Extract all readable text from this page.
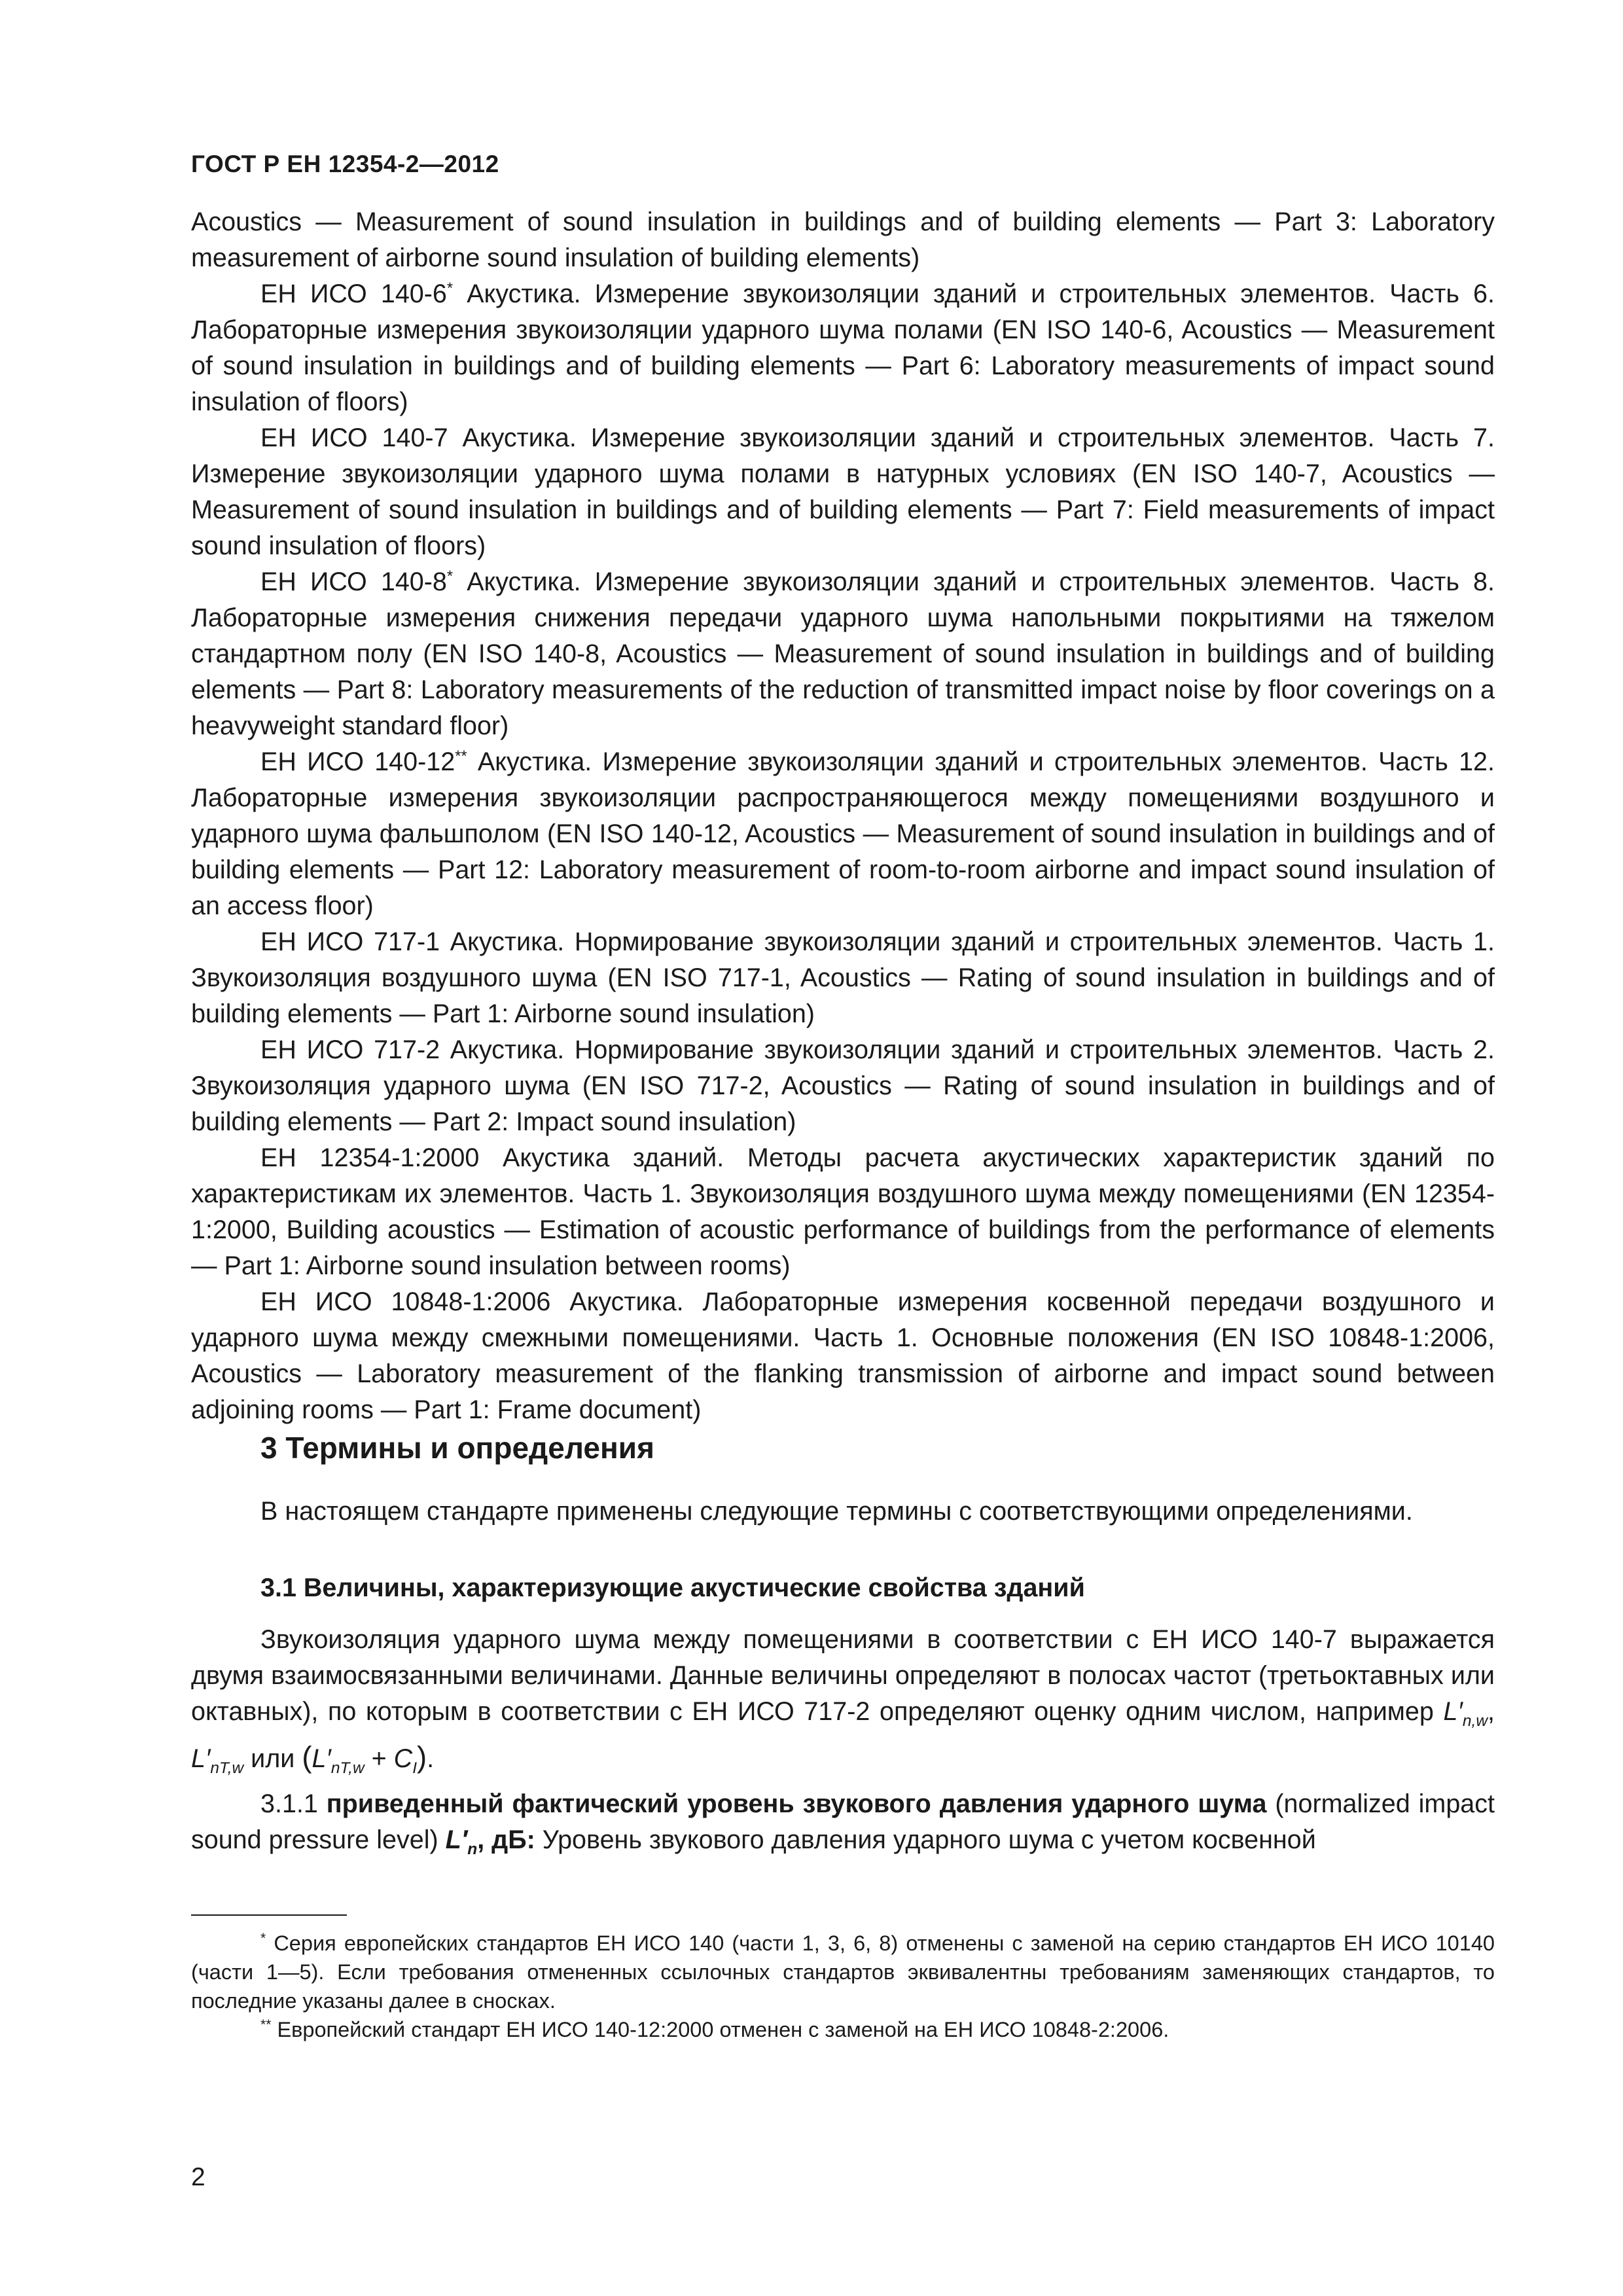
ГОСТ Р ЕН 12354-2—2012

Acoustics — Measurement of sound insulation in buildings and of building elements — Part 3: Laboratory measurement of airborne sound insulation of building elements)

ЕН ИСО 140-6* Акустика. Измерение звукоизоляции зданий и строительных элементов. Часть 6. Лабораторные измерения звукоизоляции ударного шума полами (EN ISO 140-6, Acoustics — Measurement of sound insulation in buildings and of building elements — Part 6: Laboratory measurements of impact sound insulation of floors)

ЕН ИСО 140-7 Акустика. Измерение звукоизоляции зданий и строительных элементов. Часть 7. Измерение звукоизоляции ударного шума полами в натурных условиях (EN ISO 140-7, Acoustics — Measurement of sound insulation in buildings and of building elements — Part 7: Field measurements of impact sound insulation of floors)

ЕН ИСО 140-8* Акустика. Измерение звукоизоляции зданий и строительных элементов. Часть 8. Лабораторные измерения снижения передачи ударного шума напольными покрытиями на тяжелом стандартном полу (EN ISO 140-8, Acoustics — Measurement of sound insulation in buildings and of building elements — Part 8: Laboratory measurements of the reduction of transmitted impact noise by floor coverings on a heavyweight standard floor)

ЕН ИСО 140-12** Акустика. Измерение звукоизоляции зданий и строительных элементов. Часть 12. Лабораторные измерения звукоизоляции распространяющегося между помещениями воздушного и ударного шума фальшполом (EN ISO 140-12, Acoustics — Measurement of sound insulation in buildings and of building elements — Part 12: Laboratory measurement of room-to-room airborne and impact sound insulation of an access floor)

ЕН ИСО 717-1 Акустика. Нормирование звукоизоляции зданий и строительных элементов. Часть 1. Звукоизоляция воздушного шума (EN ISO 717-1, Acoustics — Rating of sound insulation in buildings and of building elements — Part 1: Airborne sound insulation)

ЕН ИСО 717-2 Акустика. Нормирование звукоизоляции зданий и строительных элементов. Часть 2. Звукоизоляция ударного шума (EN ISO 717-2, Acoustics — Rating of sound insulation in buildings and of building elements — Part 2: Impact sound insulation)

ЕН 12354-1:2000 Акустика зданий. Методы расчета акустических характеристик зданий по характеристикам их элементов. Часть 1. Звукоизоляция воздушного шума между помещениями (EN 12354-1:2000, Building acoustics — Estimation of acoustic performance of buildings from the performance of elements — Part 1: Airborne sound insulation between rooms)

ЕН ИСО 10848-1:2006 Акустика. Лабораторные измерения косвенной передачи воздушного и ударного шума между смежными помещениями. Часть 1. Основные положения (EN ISO 10848-1:2006, Acoustics — Laboratory measurement of the flanking transmission of airborne and impact sound between adjoining rooms — Part 1: Frame document)

3 Термины и определения

В настоящем стандарте применены следующие термины с соответствующими определениями.

3.1 Величины, характеризующие акустические свойства зданий

Звукоизоляция ударного шума между помещениями в соответствии с ЕН ИСО 140-7 выражается двумя взаимосвязанными величинами. Данные величины определяют в полосах частот (третьоктавных или октавных), по которым в соответствии с ЕН ИСО 717-2 определяют оценку одним числом, например $L'_{n,w}$, $L'_{nT,w}$ или $(L'_{nT,w} + C_I)$.

3.1.1 приведенный фактический уровень звукового давления ударного шума (normalized impact sound pressure level) $L'_n$, дБ: Уровень звукового давления ударного шума с учетом косвенной

* Серия европейских стандартов ЕН ИСО 140 (части 1, 3, 6, 8) отменены с заменой на серию стандартов ЕН ИСО 10140 (части 1—5). Если требования отмененных ссылочных стандартов эквивалентны требованиям заменяющих стандартов, то последние указаны далее в сносках.

** Европейский стандарт ЕН ИСО 140-12:2000 отменен с заменой на ЕН ИСО 10848-2:2006.

2
